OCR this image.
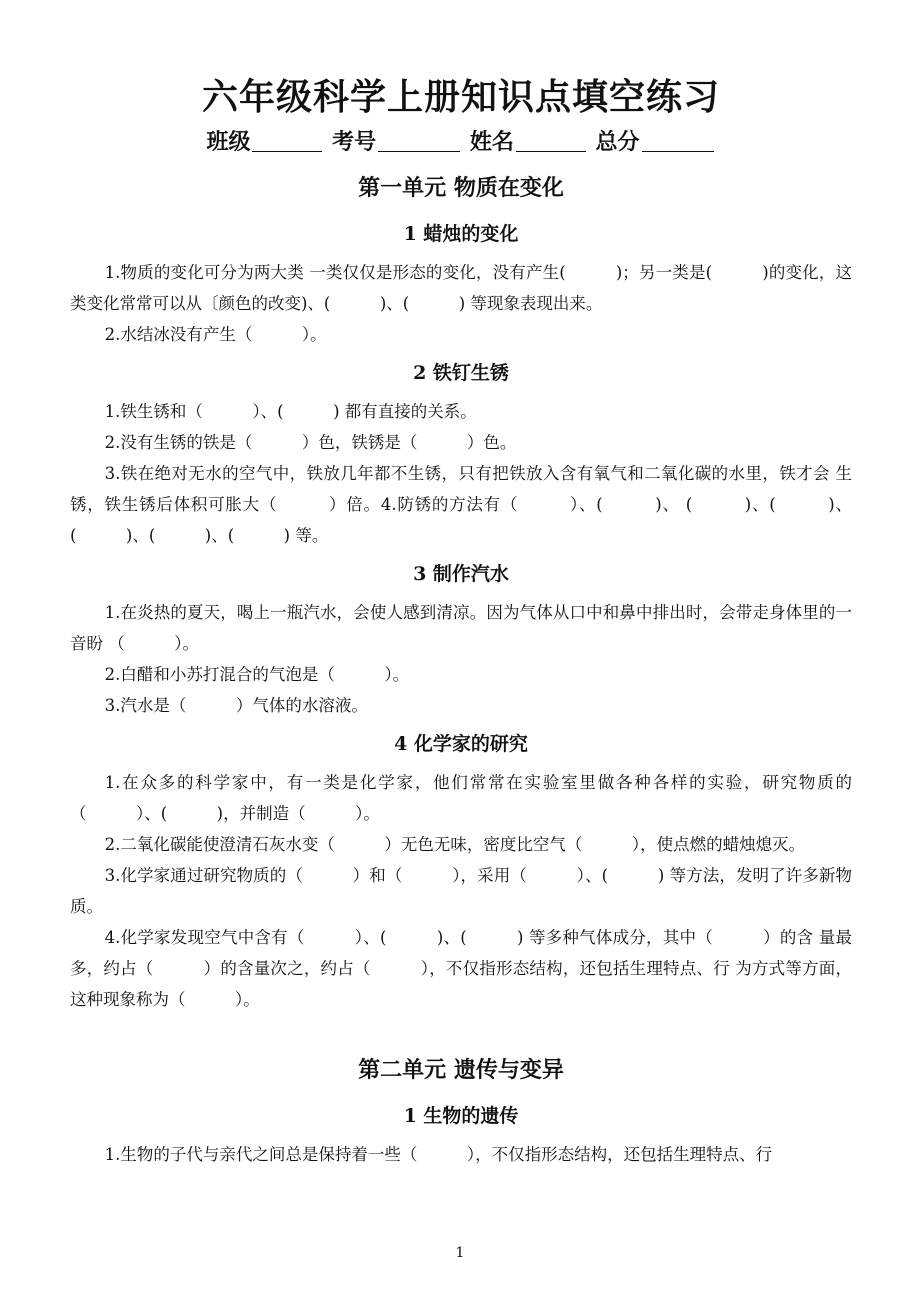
六年级科学上册知识点填空练习
班级	考号	姓名	总分
第一单元 物质在变化
1 蜡烛的变化
1.物质的变化可分为两大类 一类仅仅是形态的变化，没有产生(　　　)；另一类是(　　　)的变化，这类变化常常可以从〔颜色的改变)、(　　　)、(　　　) 等现象表现出来。
2.水结冰没有产生（　　　）。
2 铁钉生锈
1.铁生锈和（　　　）、(　　　) 都有直接的关系。
2.没有生锈的铁是（　　　）色，铁锈是（　　　）色。
3.铁在绝对无水的空气中，铁放几年都不生锈，只有把铁放入含有氧气和二氧化碳的水里，铁才会 生锈，铁生锈后体积可胀大（　　　）倍。4.防锈的方法有（　　　）、(　　　)、 (　　　)、(　　　)、(　　　)、(　　　)、(　　　) 等。
3 制作汽水
1.在炎热的夏天，喝上一瓶汽水，会使人感到清凉。因为气体从口中和鼻中排出时，会带走身体里的一音盼 （　　　）。
2.白醋和小苏打混合的气泡是（　　　）。
3.汽水是（　　　）气体的水溶液。
4 化学家的研究
1.在众多的科学家中，有一类是化学家，他们常常在实验室里做各种各样的实验，研究物质的 （　　　）、(　　　)，并制造（　　　）。
2.二氧化碳能使澄清石灰水变（　　　）无色无味，密度比空气（　　　），使点燃的蜡烛熄灭。
3.化学家通过研究物质的（　　　）和（　　　），采用（　　　）、(　　　) 等方法，发明了许多新物质。
4.化学家发现空气中含有（　　　）、(　　　)、(　　　) 等多种气体成分，其中（　　　）的含 量最多，约占（　　　）的含量次之，约占（　　　），不仅指形态结构，还包括生理特点、行 为方式等方面，这种现象称为（　　　）。
第二单元 遗传与变异
1 生物的遗传
1.生物的子代与亲代之间总是保持着一些（　　　），不仅指形态结构，还包括生理特点、行
1
